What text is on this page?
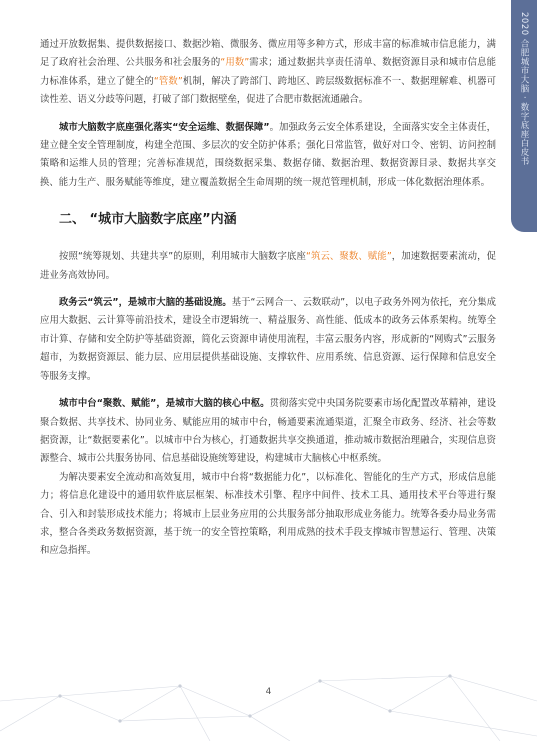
2020 合肥城市大脑 · 数字底座白皮书

通过开放数据集、提供数据接口、数据沙箱、微服务、微应用等多种方式，形成丰富的标准城市信息能力，满足了政府社会治理、公共服务和社会服务的“用数”需求；通过数据共享责任清单、数据资源目录和城市信息能力标准体系，建立了健全的“管数”机制，解决了跨部门、跨地区、跨层级数据标准不一、数据理解难、机器可读性差、语义分歧等问题，打破了部门数据壁垒，促进了合肥市数据流通融合。

城市大脑数字底座强化落实“安全运维、数据保障”。加强政务云安全体系建设，全面落实安全主体责任，建立健全安全管理制度，构建全范围、多层次的安全防护体系；强化日常监管，做好对口令、密钥、访问控制策略和运维人员的管理；完善标准规范，围绕数据采集、数据存储、数据治理、数据资源目录、数据共享交换、能力生产、服务赋能等维度，建立覆盖数据全生命周期的统一规范管理机制，形成一体化数据治理体系。

二、 “城市大脑数字底座”内涵

按照“统筹规划、共建共享”的原则，利用城市大脑数字底座“筑云、聚数、赋能”，加速数据要素流动，促进业务高效协同。

政务云“筑云”，是城市大脑的基础设施。基于“云网合一、云数联动”，以电子政务外网为依托，充分集成应用大数据、云计算等前沿技术，建设全市逻辑统一、精益服务、高性能、低成本的政务云体系架构。统筹全市计算、存储和安全防护等基础资源，简化云资源申请使用流程，丰富云服务内容，形成新的“网购式”云服务超市，为数据资源层、能力层、应用层提供基础设施、支撑软件、应用系统、信息资源、运行保障和信息安全等服务支撑。

城市中台“聚数、赋能”，是城市大脑的核心中枢。贯彻落实党中央国务院要素市场化配置改革精神，建设聚合数据、共享技术、协同业务、赋能应用的城市中台，畅通要素流通渠道，汇聚全市政务、经济、社会等数据资源，让“数据要素化”。以城市中台为核心，打通数据共享交换通道，推动城市数据治理融合，实现信息资源整合、城市公共服务协同、信息基础设施统筹建设，构建城市大脑核心中枢系统。

为解决要素安全流动和高效复用，城市中台将“数据能力化”，以标准化、智能化的生产方式，形成信息能力；将信息化建设中的通用软件底层框架、标准技术引擎、程序中间件、技术工具、通用技术平台等进行聚合、引入和封装形成技术能力；将城市上层业务应用的公共服务部分抽取形成业务能力。统筹各委办局业务需求，整合各类政务数据资源，基于统一的安全管控策略，利用成熟的技术手段支撑城市智慧运行、管理、决策和应急指挥。

4
